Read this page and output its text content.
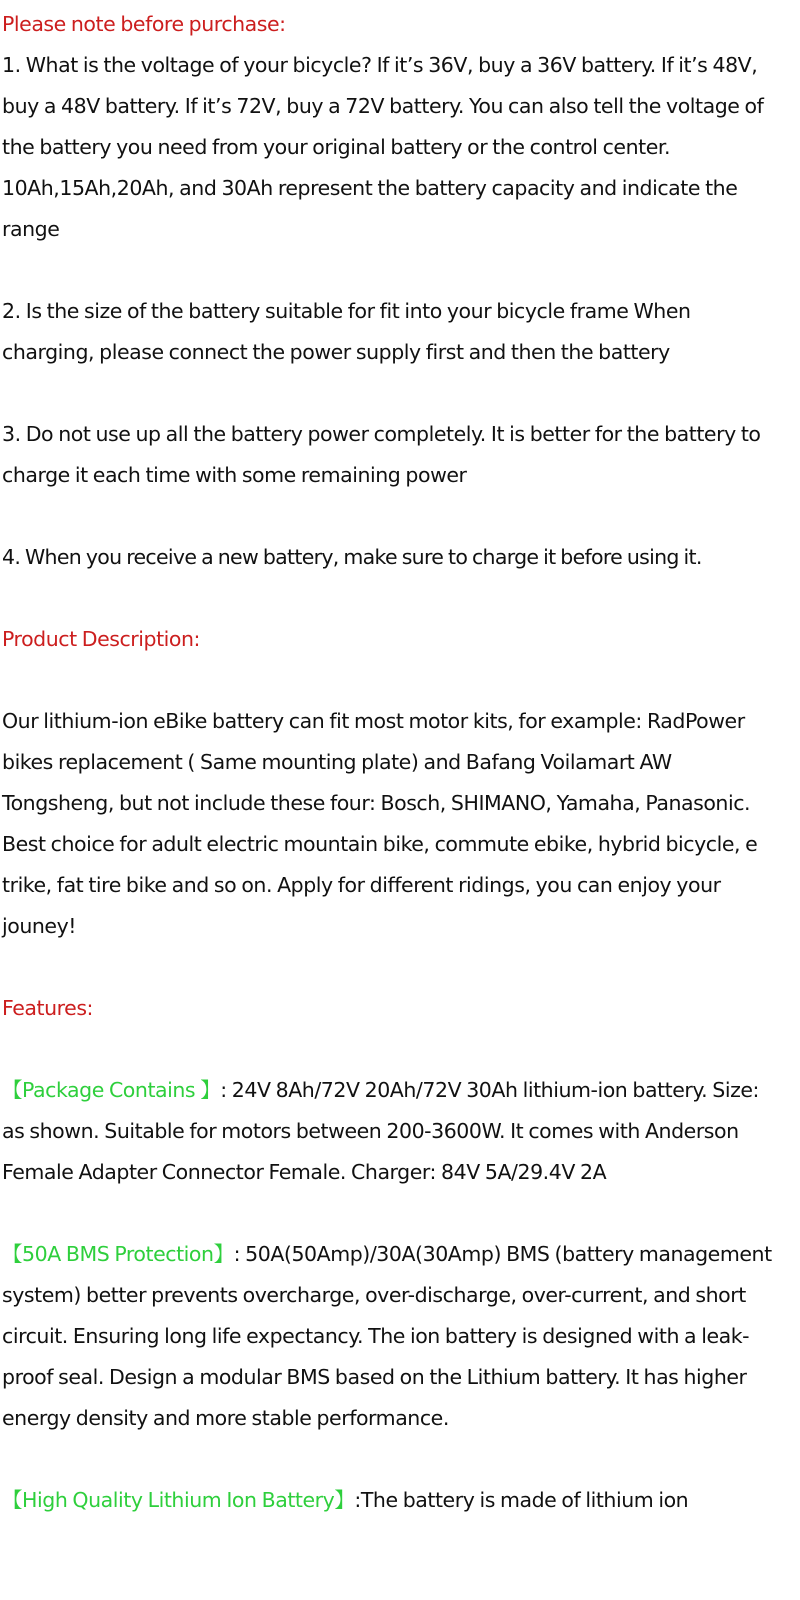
Please note before purchase:

1. What is the voltage of your bicycle? If it’s 36V, buy a 36V battery. If it’s 48V, buy a 48V battery. If it’s 72V, buy a 72V battery. You can also tell the voltage of the battery you need from your original battery or the control center. 10Ah,15Ah,20Ah, and 30Ah represent the battery capacity and indicate the range

2. Is the size of the battery suitable for fit into your bicycle frame When charging, please connect the power supply first and then the battery

3. Do not use up all the battery power completely. It is better for the battery to charge it each time with some remaining power

4. When you receive a new battery, make sure to charge it before using it.

Product Description:

Our lithium-ion eBike battery can fit most motor kits, for example: RadPower bikes replacement ( Same mounting plate) and Bafang Voilamart AW Tongsheng, but not include these four: Bosch, SHIMANO, Yamaha, Panasonic. Best choice for adult electric mountain bike, commute ebike, hybrid bicycle, e trike, fat tire bike and so on. Apply for different ridings, you can enjoy your jouney!

Features:

【Package Contains 】: 24V 8Ah/72V 20Ah/72V 30Ah lithium-ion battery. Size: as shown. Suitable for motors between 200-3600W. It comes with Anderson Female Adapter Connector Female. Charger: 84V 5A/29.4V 2A

【50A BMS Protection】: 50A(50Amp)/30A(30Amp) BMS (battery management system) better prevents overcharge, over-discharge, over-current, and short circuit. Ensuring long life expectancy. The ion battery is designed with a leak-proof seal. Design a modular BMS based on the Lithium battery. It has higher energy density and more stable performance.

【High Quality Lithium Ion Battery】:The battery is made of lithium ion
